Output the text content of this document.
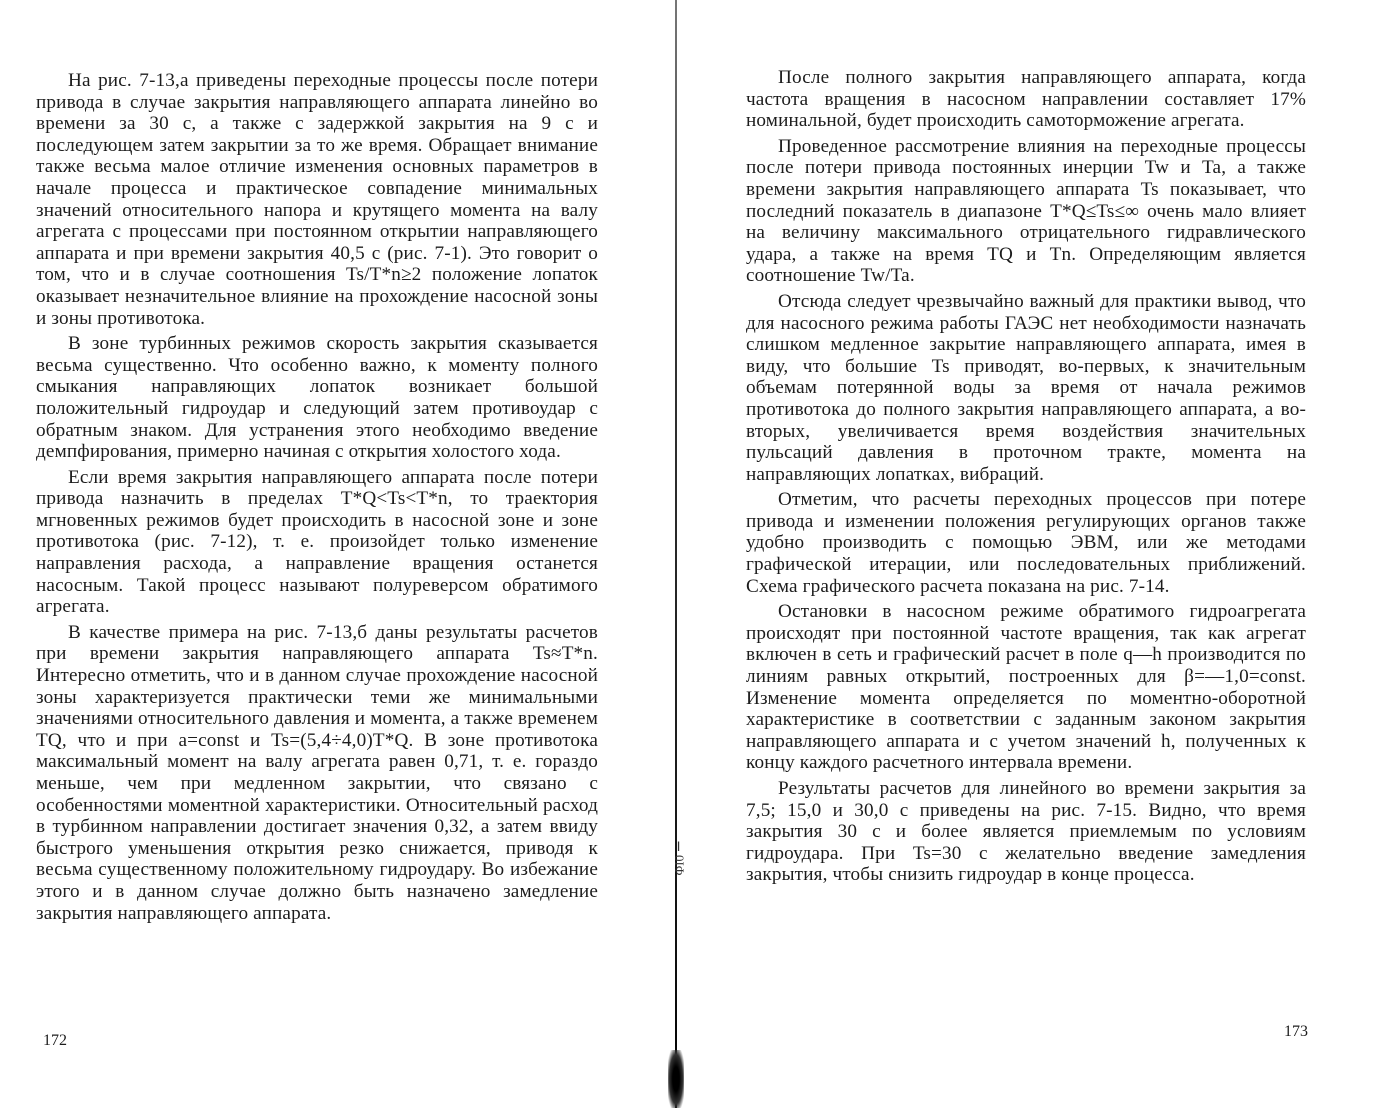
На рис. 7-13,а приведены переходные процессы после потери привода в случае закрытия направляющего аппарата линейно во времени за 30 с, а также с задержкой закрытия на 9 с и последующем затем закрытии за то же время. Обращает внимание также весьма малое отличие изменения основных параметров в начале процесса и практическое совпадение минимальных значений относительного напора и крутящего момента на валу агрегата с процессами при постоянном открытии направляющего аппарата и при времени закрытия 40,5 с (рис. 7-1). Это говорит о том, что и в случае соотношения Ts/T*n≥2 положение лопаток оказывает незначительное влияние на прохождение насосной зоны и зоны противотока.

В зоне турбинных режимов скорость закрытия сказывается весьма существенно. Что особенно важно, к моменту полного смыкания направляющих лопаток возникает большой положительный гидроудар и следующий затем противоудар с обратным знаком. Для устранения этого необходимо введение демпфирования, примерно начиная с открытия холостого хода.

Если время закрытия направляющего аппарата после потери привода назначить в пределах T*Q<Ts<T*n, то траектория мгновенных режимов будет происходить в насосной зоне и зоне противотока (рис. 7-12), т. е. произойдет только изменение направления расхода, а направление вращения останется насосным. Такой процесс называют полуреверсом обратимого агрегата.

В качестве примера на рис. 7-13,б даны результаты расчетов при времени закрытия направляющего аппарата Ts≈T*n. Интересно отметить, что и в данном случае прохождение насосной зоны характеризуется практически теми же минимальными значениями относительного давления и момента, а также временем TQ, что и при a=const и Ts=(5,4÷4,0)T*Q. В зоне противотока максимальный момент на валу агрегата равен 0,71, т. е. гораздо меньше, чем при медленном закрытии, что связано с особенностями моментной характеристики. Относительный расход в турбинном направлении достигает значения 0,32, а затем ввиду быстрого уменьшения открытия резко снижается, приводя к весьма существенному положительному гидроудару. Во избежание этого и в данном случае должно быть назначено замедление закрытия направляющего аппарата.

172
Ⅰ0ІΦ

После полного закрытия направляющего аппарата, когда частота вращения в насосном направлении составляет 17% номинальной, будет происходить самоторможение агрегата.

Проведенное рассмотрение влияния на переходные процессы после потери привода постоянных инерции Tw и Ta, а также времени закрытия направляющего аппарата Ts показывает, что последний показатель в диапазоне T*Q≤Ts≤∞ очень мало влияет на величину максимального отрицательного гидравлического удара, а также на время TQ и Tn. Определяющим является соотношение Tw/Ta.

Отсюда следует чрезвычайно важный для практики вывод, что для насосного режима работы ГАЭС нет необходимости назначать слишком медленное закрытие направляющего аппарата, имея в виду, что большие Ts приводят, во-первых, к значительным объемам потерянной воды за время от начала режимов противотока до полного закрытия направляющего аппарата, а во-вторых, увеличивается время воздействия значительных пульсаций давления в проточном тракте, момента на направляющих лопатках, вибраций.

Отметим, что расчеты переходных процессов при потере привода и изменении положения регулирующих органов также удобно производить с помощью ЭВМ, или же методами графической итерации, или последовательных приближений. Схема графического расчета показана на рис. 7-14.

Остановки в насосном режиме обратимого гидроагрегата происходят при постоянной частоте вращения, так как агрегат включен в сеть и графический расчет в поле q—h производится по линиям равных открытий, построенных для β=—1,0=const. Изменение момента определяется по моментно-оборотной характеристике в соответствии с заданным законом закрытия направляющего аппарата и с учетом значений h, полученных к концу каждого расчетного интервала времени.

Результаты расчетов для линейного во времени закрытия за 7,5; 15,0 и 30,0 с приведены на рис. 7-15. Видно, что время закрытия 30 с и более является приемлемым по условиям гидроудара. При Ts=30 с желательно введение замедления закрытия, чтобы снизить гидроудар в конце процесса.

173
